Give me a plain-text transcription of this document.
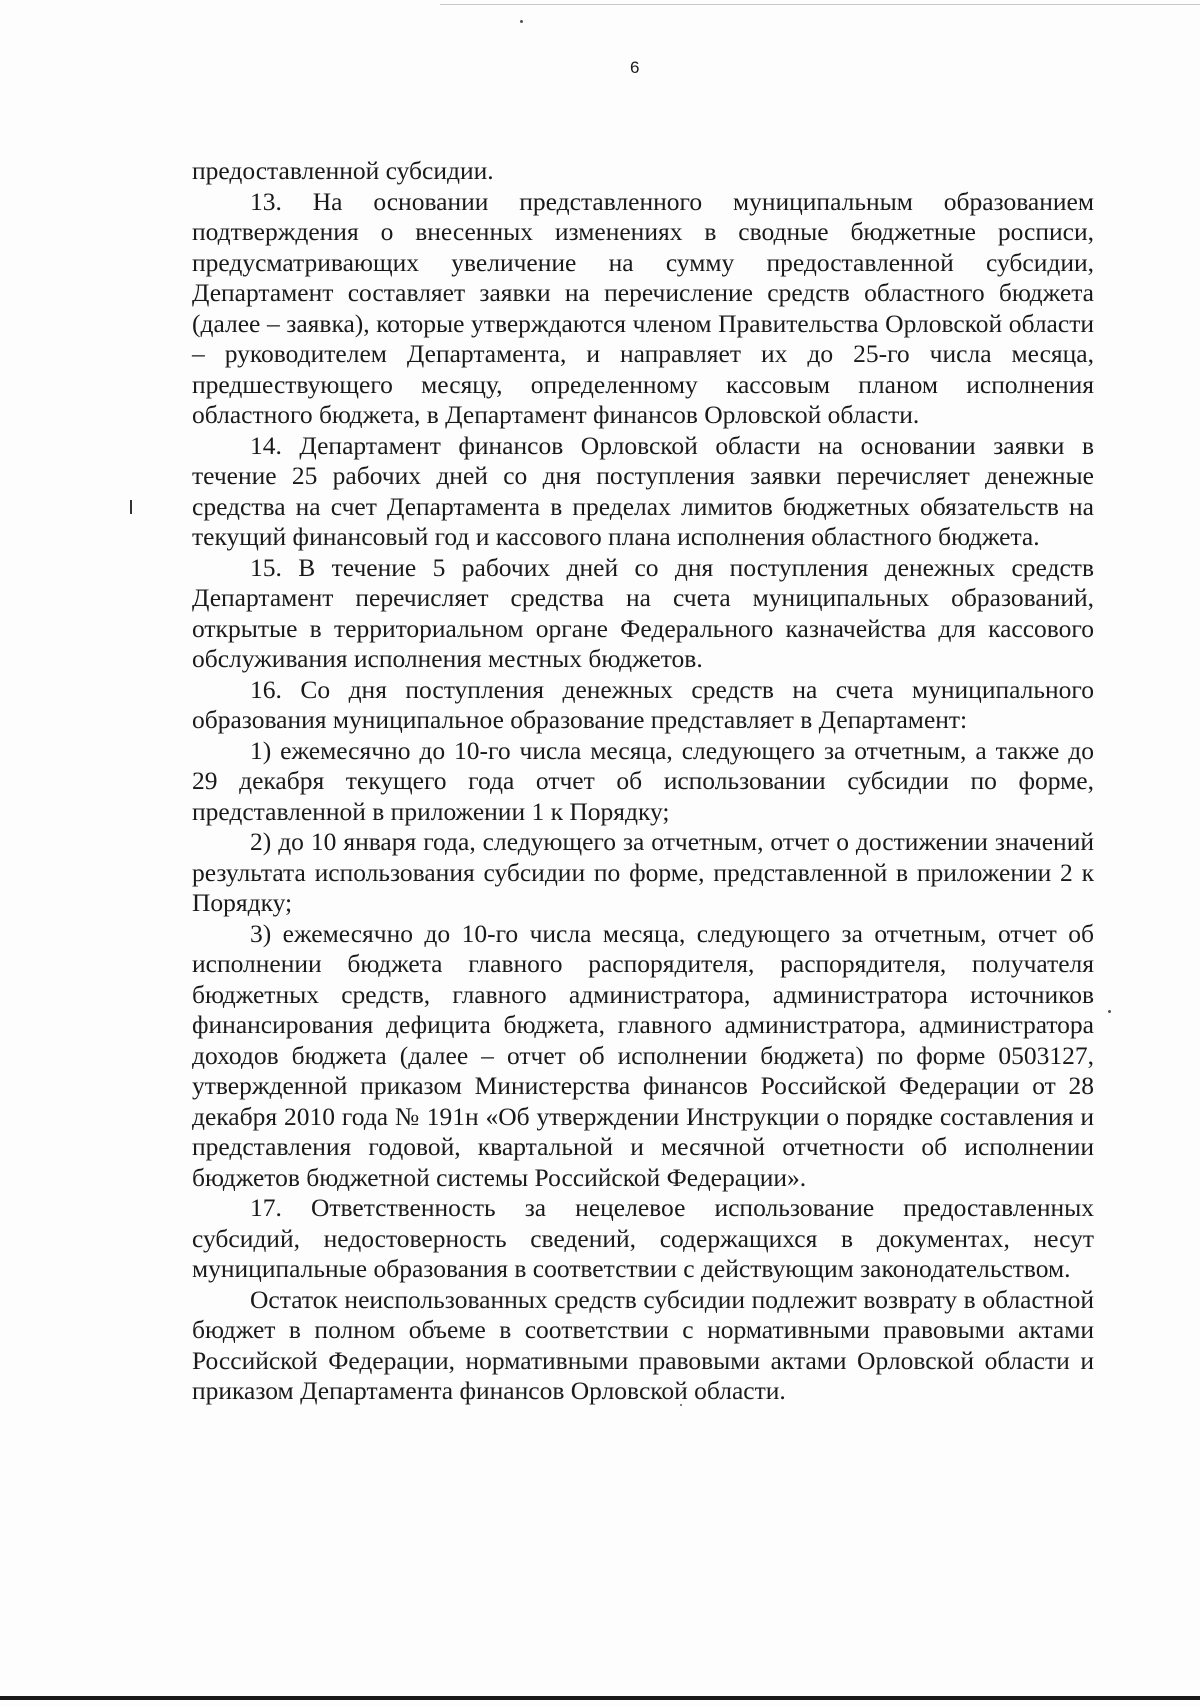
6

предоставленной субсидии.

13. На основании представленного муниципальным образованием подтверждения о внесенных изменениях в сводные бюджетные росписи, предусматривающих увеличение на сумму предоставленной субсидии, Департамент составляет заявки на перечисление средств областного бюджета (далее – заявка), которые утверждаются членом Правительства Орловской области – руководителем Департамента, и направляет их до 25-го числа месяца, предшествующего месяцу, определенному кассовым планом исполнения областного бюджета, в Департамент финансов Орловской области.

14. Департамент финансов Орловской области на основании заявки в течение 25 рабочих дней со дня поступления заявки перечисляет денежные средства на счет Департамента в пределах лимитов бюджетных обязательств на текущий финансовый год и кассового плана исполнения областного бюджета.

15. В течение 5 рабочих дней со дня поступления денежных средств Департамент перечисляет средства на счета муниципальных образований, открытые в территориальном органе Федерального казначейства для кассового обслуживания исполнения местных бюджетов.

16. Со дня поступления денежных средств на счета муниципального образования муниципальное образование представляет в Департамент:

1) ежемесячно до 10-го числа месяца, следующего за отчетным, а также до 29 декабря текущего года отчет об использовании субсидии по форме, представленной в приложении 1 к Порядку;

2) до 10 января года, следующего за отчетным, отчет о достижении значений результата использования субсидии по форме, представленной в приложении 2 к Порядку;

3) ежемесячно до 10-го числа месяца, следующего за отчетным, отчет об исполнении бюджета главного распорядителя, распорядителя, получателя бюджетных средств, главного администратора, администратора источников финансирования дефицита бюджета, главного администратора, администратора доходов бюджета (далее – отчет об исполнении бюджета) по форме 0503127, утвержденной приказом Министерства финансов Российской Федерации от 28 декабря 2010 года № 191н «Об утверждении Инструкции о порядке составления и представления годовой, квартальной и месячной отчетности об исполнении бюджетов бюджетной системы Российской Федерации».

17. Ответственность за нецелевое использование предоставленных субсидий, недостоверность сведений, содержащихся в документах, несут муниципальные образования в соответствии с действующим законодательством.

Остаток неиспользованных средств субсидии подлежит возврату в областной бюджет в полном объеме в соответствии с нормативными правовыми актами Российской Федерации, нормативными правовыми актами Орловской области и приказом Департамента финансов Орловской области.
